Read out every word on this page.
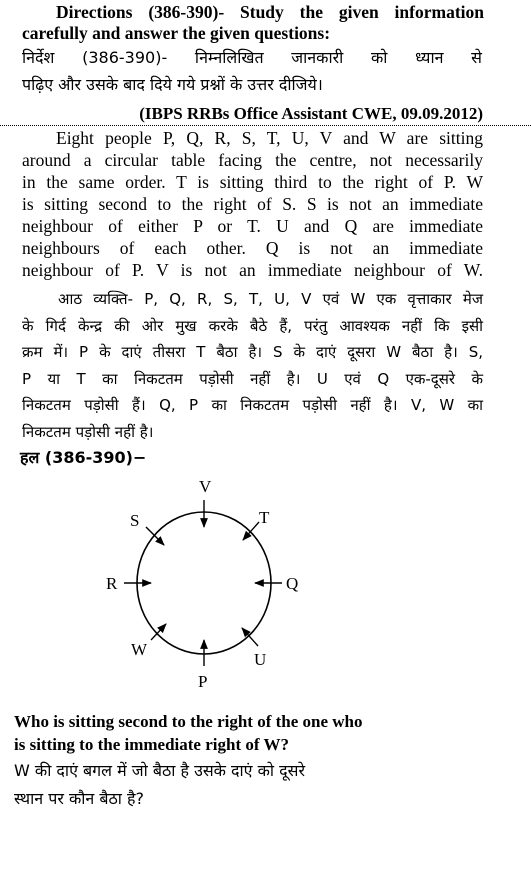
Directions (386-390)- Study the given information carefully and answer the given questions:
निर्देश (386-390)- निम्नलिखित जानकारी को ध्यान से
पढ़िए और उसके बाद दिये गये प्रश्नों के उत्तर दीजिये।
(IBPS RRBs Office Assistant CWE, 09.09.2012)
Eight people P, Q, R, S, T, U, V and W are sitting
around a circular table facing the centre, not necessarily
in the same order. T is sitting third to the right of P. W
is sitting second to the right of S. S is not an immediate
neighbour of either P or T. U and Q are immediate
neighbours of each other. Q is not an immediate
neighbour of P. V is not an immediate neighbour of W.
आठ व्यक्ति- P, Q, R, S, T, U, V एवं W एक वृत्ताकार मेज
के गिर्द केन्द्र की ओर मुख करके बैठे हैं, परंतु आवश्यक नहीं कि इसी
क्रम में। P के दाएं तीसरा T बैठा है। S के दाएं दूसरा W बैठा है। S,
P या T का निकटतम पड़ोसी नहीं है। U एवं Q एक-दूसरे के
निकटतम पड़ोसी हैं। Q, P का निकटतम पड़ोसी नहीं है। V, W का
निकटतम पड़ोसी नहीं है।
हल (386-390)−
V
T
Q
U
P
W
R
S
Who is sitting second to the right of the one who
is sitting to the immediate right of W?
W की दाएं बगल में जो बैठा है उसके दाएं को दूसरे
स्थान पर कौन बैठा है?
